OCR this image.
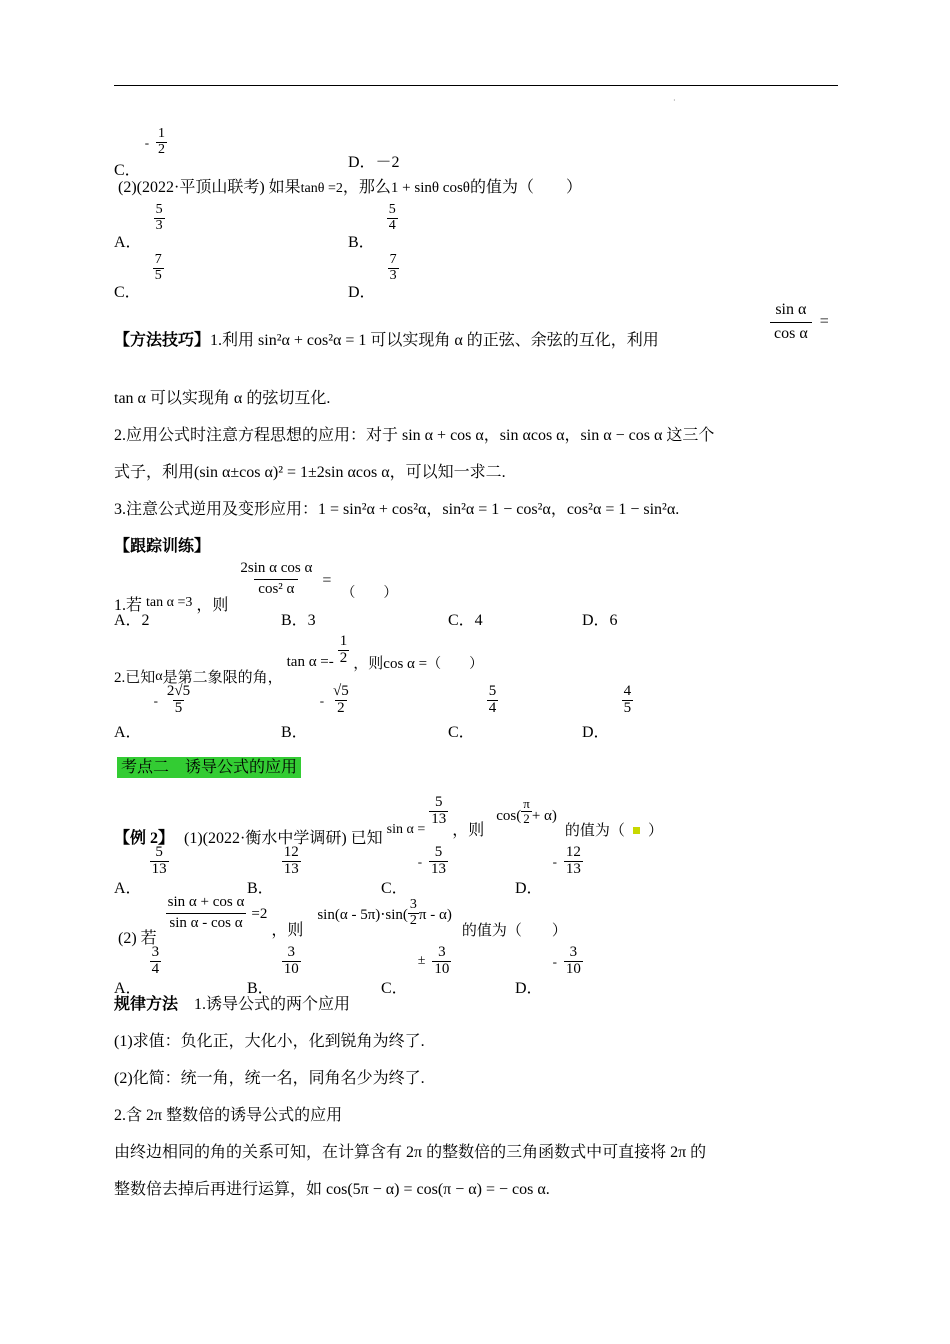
·
C． - $\frac{1}{2}$
D．－2
(2)(2022·平顶山联考) 如果tanθ =2，那么1 + sinθ cosθ的值为（　　）
A．
$\frac{5}{3}$
B．
$\frac{5}{4}$
C．
$\frac{7}{5}$
D．
$\frac{7}{3}$
【方法技巧】1.利用 sin²α + cos²α = 1 可以实现角 α 的正弦、余弦的互化，利用	$\frac{\text{sin α}}{\text{cos α}}$ =
tan α 可以实现角 α 的弦切互化.
2.应用公式时注意方程思想的应用：对于 sin α + cos α，sin αcos α，sin α − cos α 这三个
式子，利用(sin α±cos α)² = 1±2sin αcos α，可以知一求二.
3.注意公式逆用及变形应用：1 = sin²α + cos²α，sin²α = 1 − cos²α，cos²α = 1 − sin²α.
【跟踪训练】
1.若 tan α =3 ，则
$\frac{\text{2sin α cos α}}{\text{cos² α}}$ = （　　）
A．2	B．3	C．4	D．6
2.已知α是第二象限的角， $\tan \alpha =- \frac{1}{2}$ ，则cos α =（　　）
A． - $\frac{2√5}{5}$
B． - $\frac{√5}{2}$
C．
$\frac{5}{4}$
D．
$\frac{4}{5}$
考点二　诱导公式的应用
【例 2】 (1)(2022·衡水中学调研) 已知 sin α =
$\frac{5}{13}$
，则 $\cos( \frac{\pi}{2} + \alpha)$ 的值为（ ）
A．
$\frac{5}{13}$
B．
$\frac{12}{13}$
C． - $\frac{5}{13}$
D． - $\frac{12}{13}$
(2) 若
$\frac{\text{sin α + cos α}}{\text{sin α - cos α}} =2$ ，则 $\sin(\alpha - 5\pi)\cdot\sin( \frac{3}{2}$ π - α) 的值为（　　）
A．
$\frac{3}{4}$
B．
$\frac{3}{10}$
C． ± $\frac{3}{10}$
D． - $\frac{3}{10}$
规律方法 1.诱导公式的两个应用
(1)求值：负化正，大化小，化到锐角为终了.
(2)化简：统一角，统一名，同角名少为终了.
2.含 2π 整数倍的诱导公式的应用
由终边相同的角的关系可知，在计算含有 2π 的整数倍的三角函数式中可直接将 2π 的
整数倍去掉后再进行运算，如 cos(5π − α) = cos(π − α) = − cos α.
